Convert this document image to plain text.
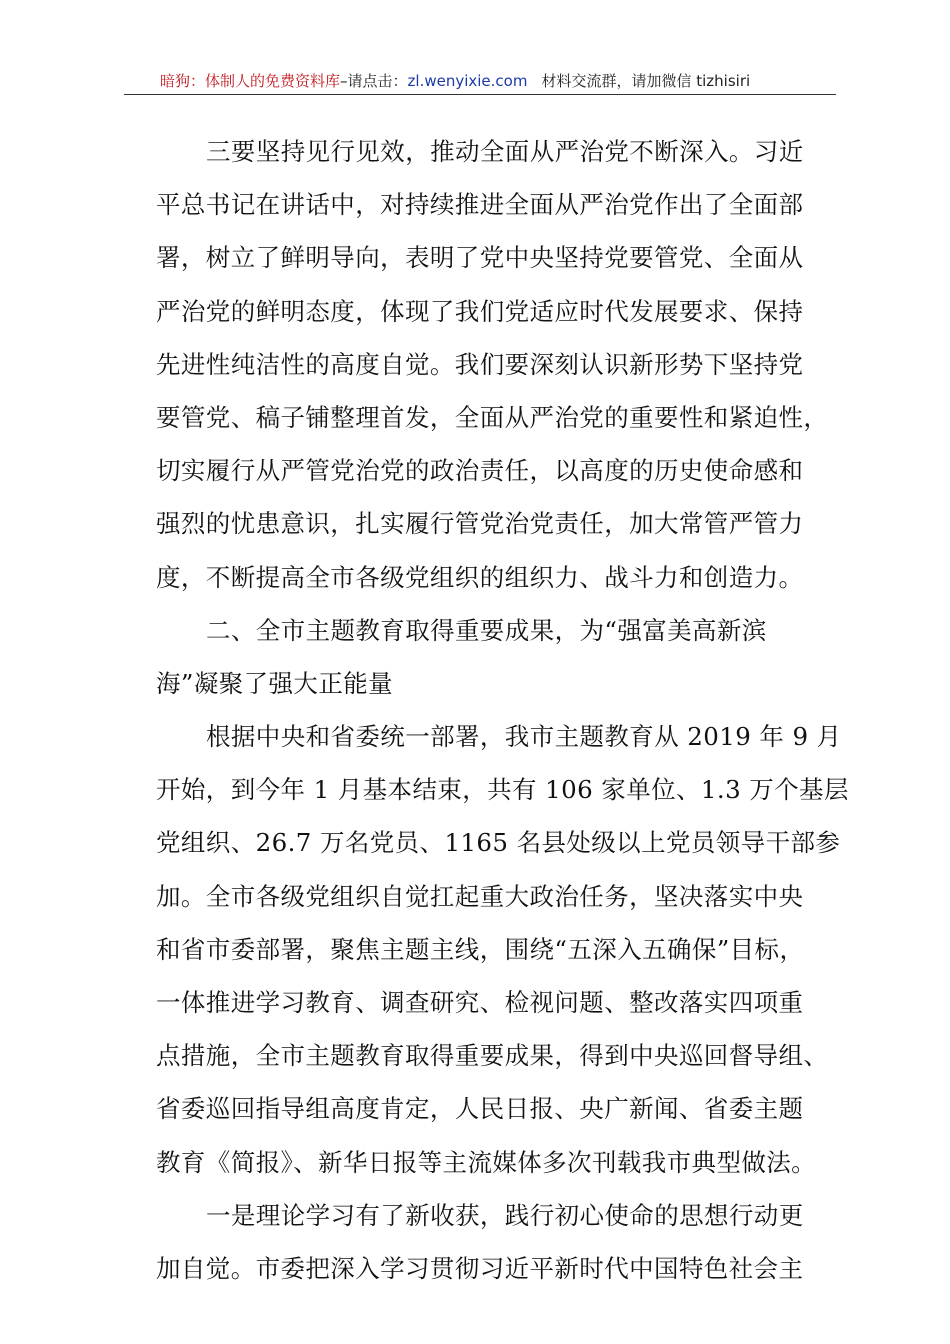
暗狗：体制人的免费资料库–请点击：zl.wenyixie.com 材料交流群，请加微信 tizhisiri
三要坚持见行见效，推动全面从严治党不断深入。习近
平总书记在讲话中，对持续推进全面从严治党作出了全面部
署，树立了鲜明导向，表明了党中央坚持党要管党、全面从
严治党的鲜明态度，体现了我们党适应时代发展要求、保持
先进性纯洁性的高度自觉。我们要深刻认识新形势下坚持党
要管党、稿子铺整理首发，全面从严治党的重要性和紧迫性，
切实履行从严管党治党的政治责任，以高度的历史使命感和
强烈的忧患意识，扎实履行管党治党责任，加大常管严管力
度，不断提高全市各级党组织的组织力、战斗力和创造力。
二、全市主题教育取得重要成果，为“强富美高新滨
海”凝聚了强大正能量
根据中央和省委统一部署，我市主题教育从 2019 年 9 月
开始，到今年 1 月基本结束，共有 106 家单位、1.3 万个基层
党组织、26.7 万名党员、1165 名县处级以上党员领导干部参
加。全市各级党组织自觉扛起重大政治任务，坚决落实中央
和省市委部署，聚焦主题主线，围绕“五深入五确保”目标，
一体推进学习教育、调查研究、检视问题、整改落实四项重
点措施，全市主题教育取得重要成果，得到中央巡回督导组、
省委巡回指导组高度肯定，人民日报、央广新闻、省委主题
教育《简报》、新华日报等主流媒体多次刊载我市典型做法。
一是理论学习有了新收获，践行初心使命的思想行动更
加自觉。市委把深入学习贯彻习近平新时代中国特色社会主
